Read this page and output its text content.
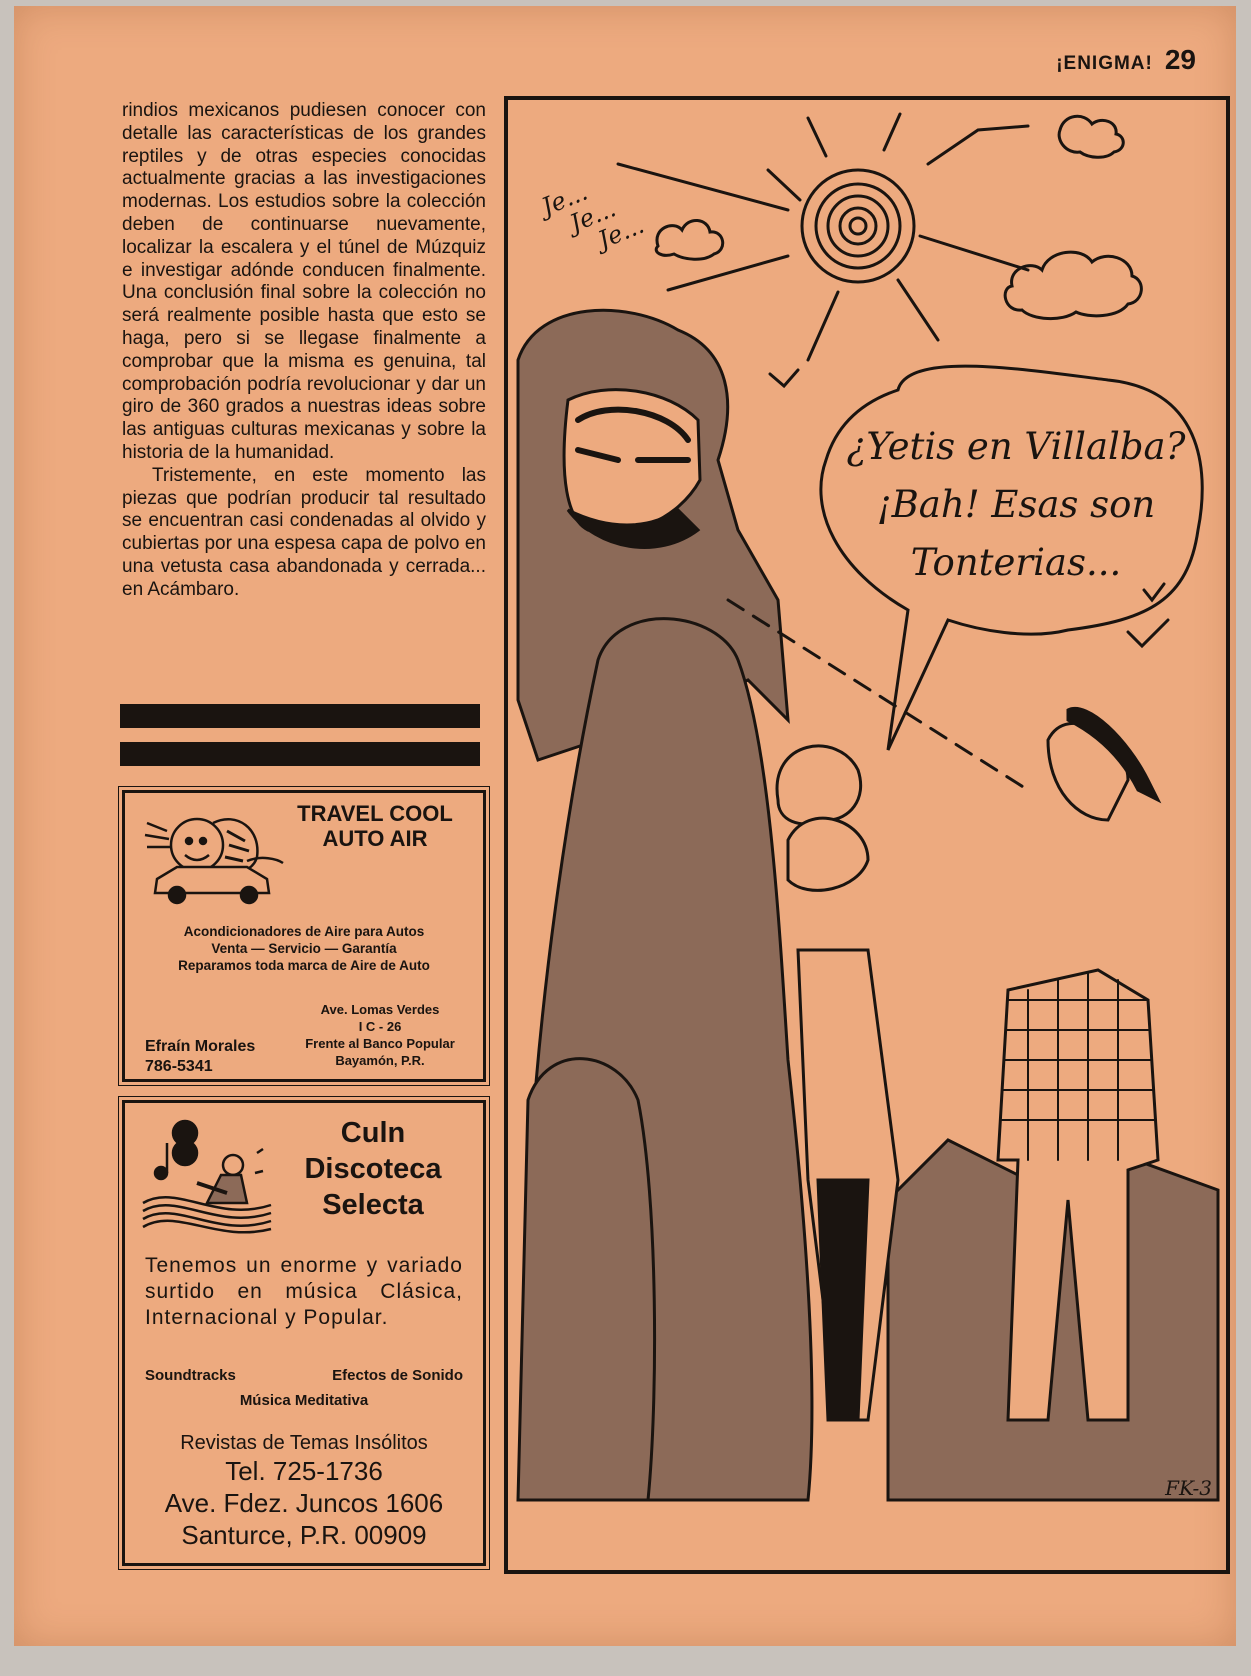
¡ENIGMA! 29

rindios mexicanos pudiesen conocer con detalle las características de los grandes reptiles y de otras especies conocidas actualmente gracias a las investigaciones modernas. Los estudios sobre la colección deben de continuarse nuevamente, localizar la escalera y el túnel de Múzquiz e investigar adónde conducen finalmente. Una conclusión final sobre la colección no será realmente posible hasta que esto se haga, pero si se llegase finalmente a comprobar que la misma es genuina, tal comprobación podría revolucionar y dar un giro de 360 grados a nuestras ideas sobre las antiguas culturas mexicanas y sobre la historia de la humanidad.

Tristemente, en este momento las piezas que podrían producir tal resultado se encuentran casi condenadas al olvido y cubiertas por una espesa capa de polvo en una vetusta casa abandonada y cerrada... en Acámbaro.

TRAVEL COOL
AUTO AIR
Acondicionadores de Aire para Autos
Venta — Servicio — Garantía
Reparamos toda marca de Aire de Auto
Ave. Lomas Verdes
I C - 26
Frente al Banco Popular
Bayamón, P.R.
Efraín Morales
786-5341
Culn
Discoteca
Selecta
Tenemos un enorme y variado surtido en música Clásica, Internacional y Popular.
Soundtracks	Efectos de Sonido
Música Meditativa
Revistas de Temas Insólitos
Tel. 725-1736
Ave. Fdez. Juncos 1606
Santurce, P.R. 00909
Je...
Je...
Je...
¿Yetis en Villalba?
¡Bah! Esas son
Tonterias...
FK-3
